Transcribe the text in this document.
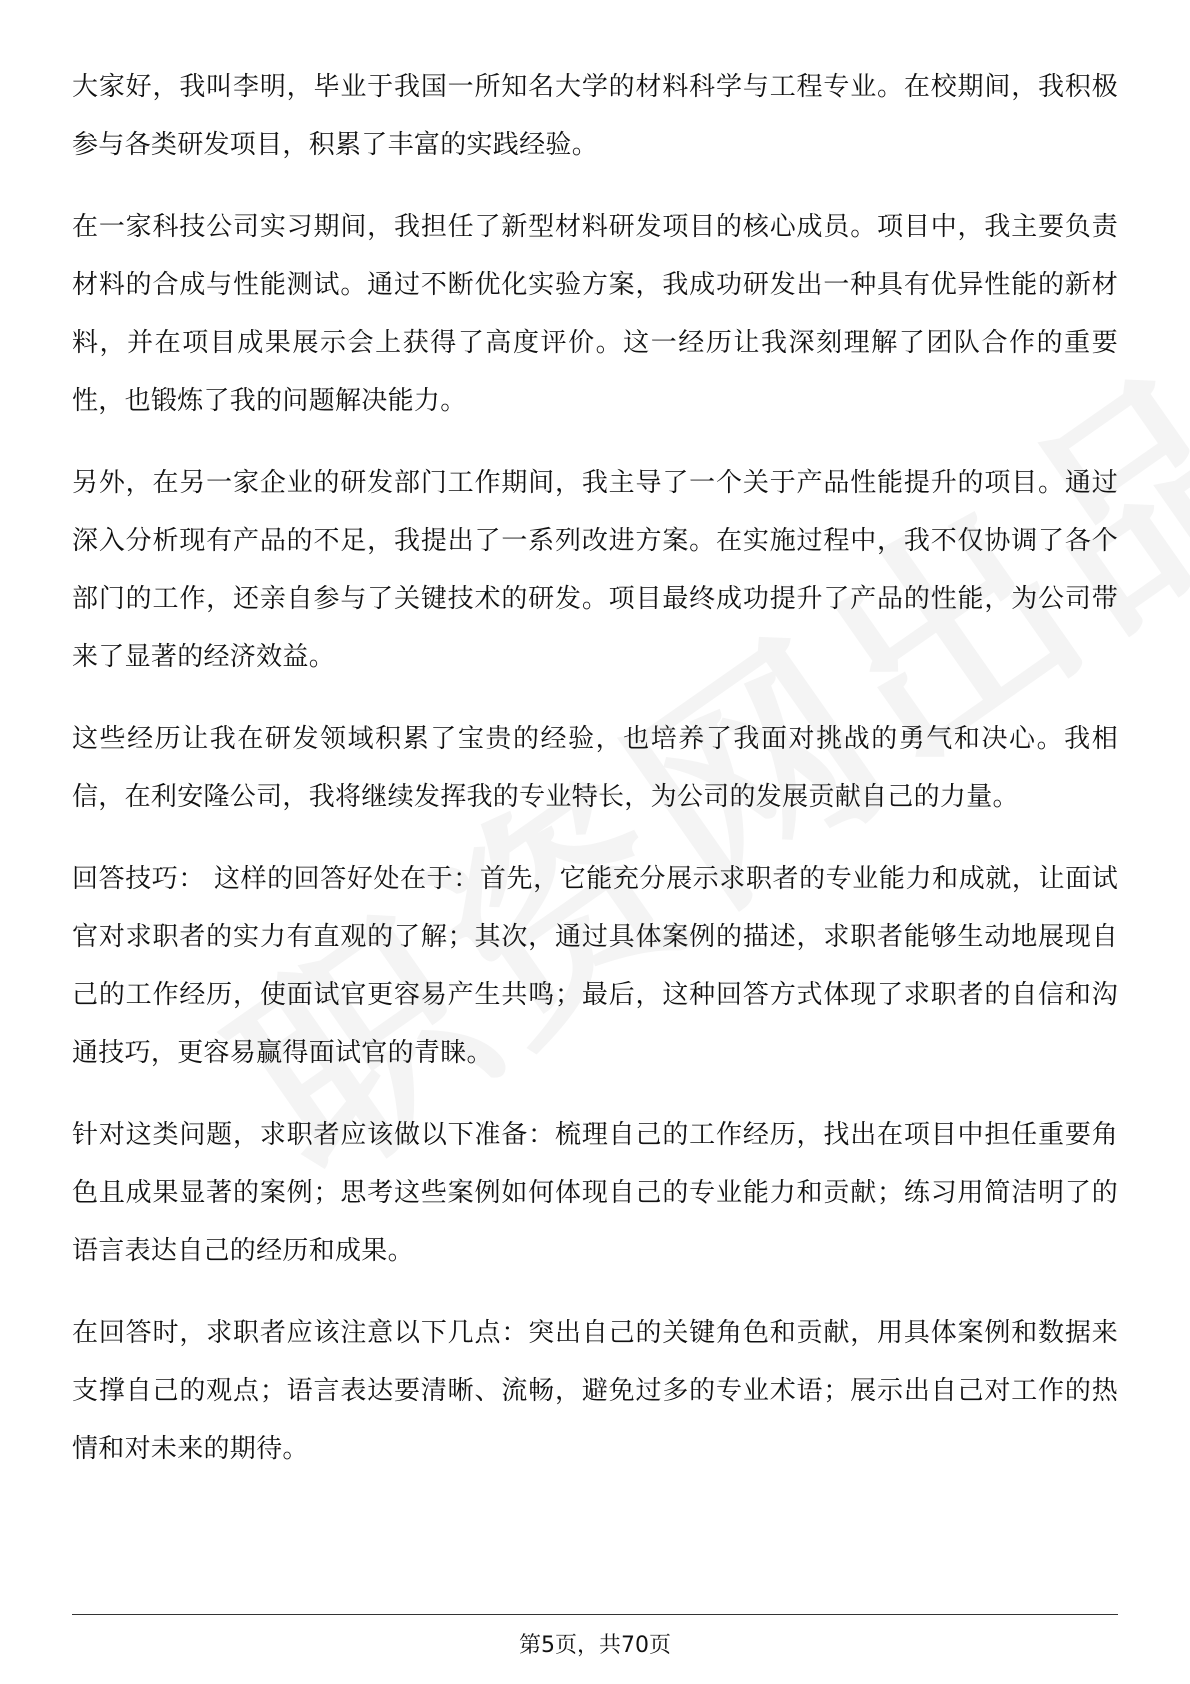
大家好，我叫李明，毕业于我国一所知名大学的材料科学与工程专业。在校期间，我积极参与各类研发项目，积累了丰富的实践经验。

在一家科技公司实习期间，我担任了新型材料研发项目的核心成员。项目中，我主要负责材料的合成与性能测试。通过不断优化实验方案，我成功研发出一种具有优异性能的新材料，并在项目成果展示会上获得了高度评价。这一经历让我深刻理解了团队合作的重要性，也锻炼了我的问题解决能力。

另外，在另一家企业的研发部门工作期间，我主导了一个关于产品性能提升的项目。通过深入分析现有产品的不足，我提出了一系列改进方案。在实施过程中，我不仅协调了各个部门的工作，还亲自参与了关键技术的研发。项目最终成功提升了产品的性能，为公司带来了显著的经济效益。

这些经历让我在研发领域积累了宝贵的经验，也培养了我面对挑战的勇气和决心。我相信，在利安隆公司，我将继续发挥我的专业特长，为公司的发展贡献自己的力量。

回答技巧： 这样的回答好处在于：首先，它能充分展示求职者的专业能力和成就，让面试官对求职者的实力有直观的了解；其次，通过具体案例的描述，求职者能够生动地展现自己的工作经历，使面试官更容易产生共鸣；最后，这种回答方式体现了求职者的自信和沟通技巧，更容易赢得面试官的青睐。

针对这类问题，求职者应该做以下准备：梳理自己的工作经历，找出在项目中担任重要角色且成果显著的案例；思考这些案例如何体现自己的专业能力和贡献；练习用简洁明了的语言表达自己的经历和成果。

在回答时，求职者应该注意以下几点：突出自己的关键角色和贡献，用具体案例和数据来支撑自己的观点；语言表达要清晰、流畅，避免过多的专业术语；展示出自己对工作的热情和对未来的期待。

第5页，共70页
